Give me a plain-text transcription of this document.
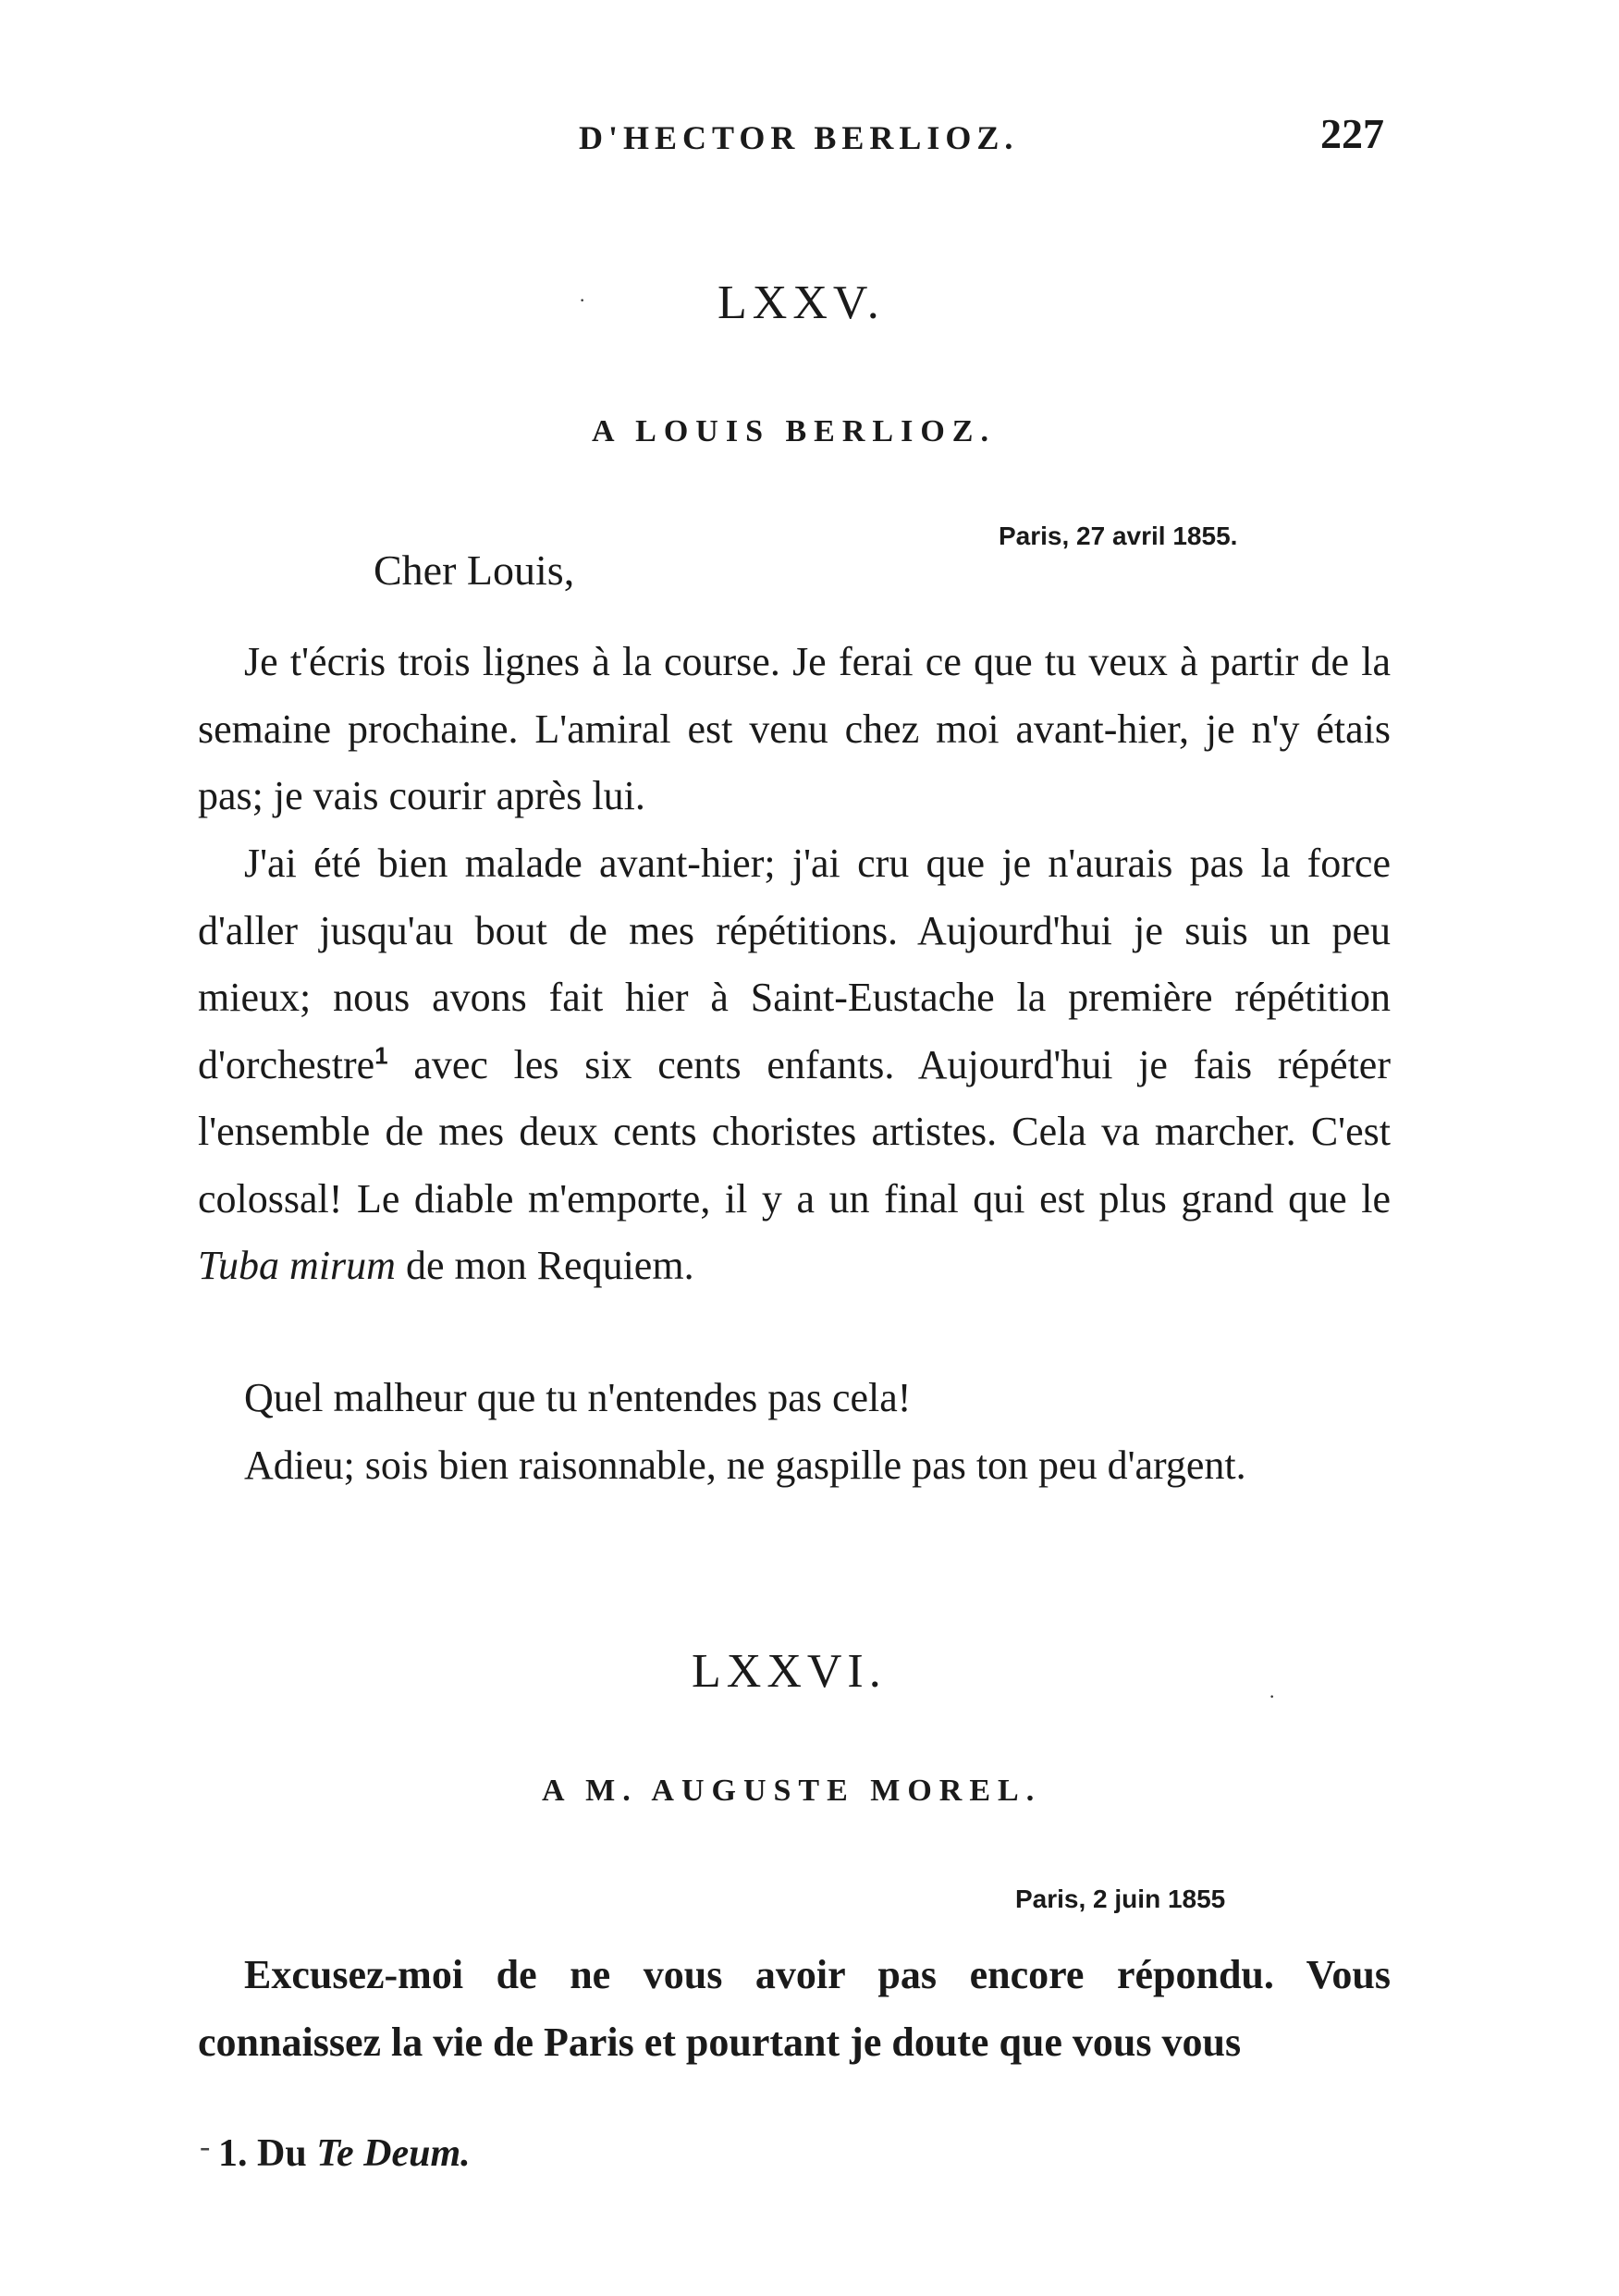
D'HECTOR BERLIOZ.	227
·	LXXV.
A LOUIS BERLIOZ.
Paris, 27 avril 1855.
Cher Louis,

Je t'écris trois lignes à la course. Je ferai ce que tu veux à partir de la semaine prochaine. L'amiral est venu chez moi avant-hier, je n'y étais pas; je vais courir après lui.

J'ai été bien malade avant-hier; j'ai cru que je n'aurais pas la force d'aller jusqu'au bout de mes répétitions. Aujourd'hui je suis un peu mieux; nous avons fait hier à Saint-Eustache la première répétition d'orchestre$^1$ avec les six cents enfants. Aujourd'hui je fais répéter l'ensemble de mes deux cents choristes artistes. Cela va marcher. C'est colossal! Le diable m'emporte, il y a un final qui est plus grand que le Tuba mirum de mon Requiem.

Quel malheur que tu n'entendes pas cela!

Adieu; sois bien raisonnable, ne gaspille pas ton peu d'argent.

LXXVI.	·
A M. AUGUSTE MOREL.
Paris, 2 juin 1855

Excusez-moi de ne vous avoir pas encore répondu. Vous connaissez la vie de Paris et pourtant je doute que vous vous

- 1. Du Te Deum.
